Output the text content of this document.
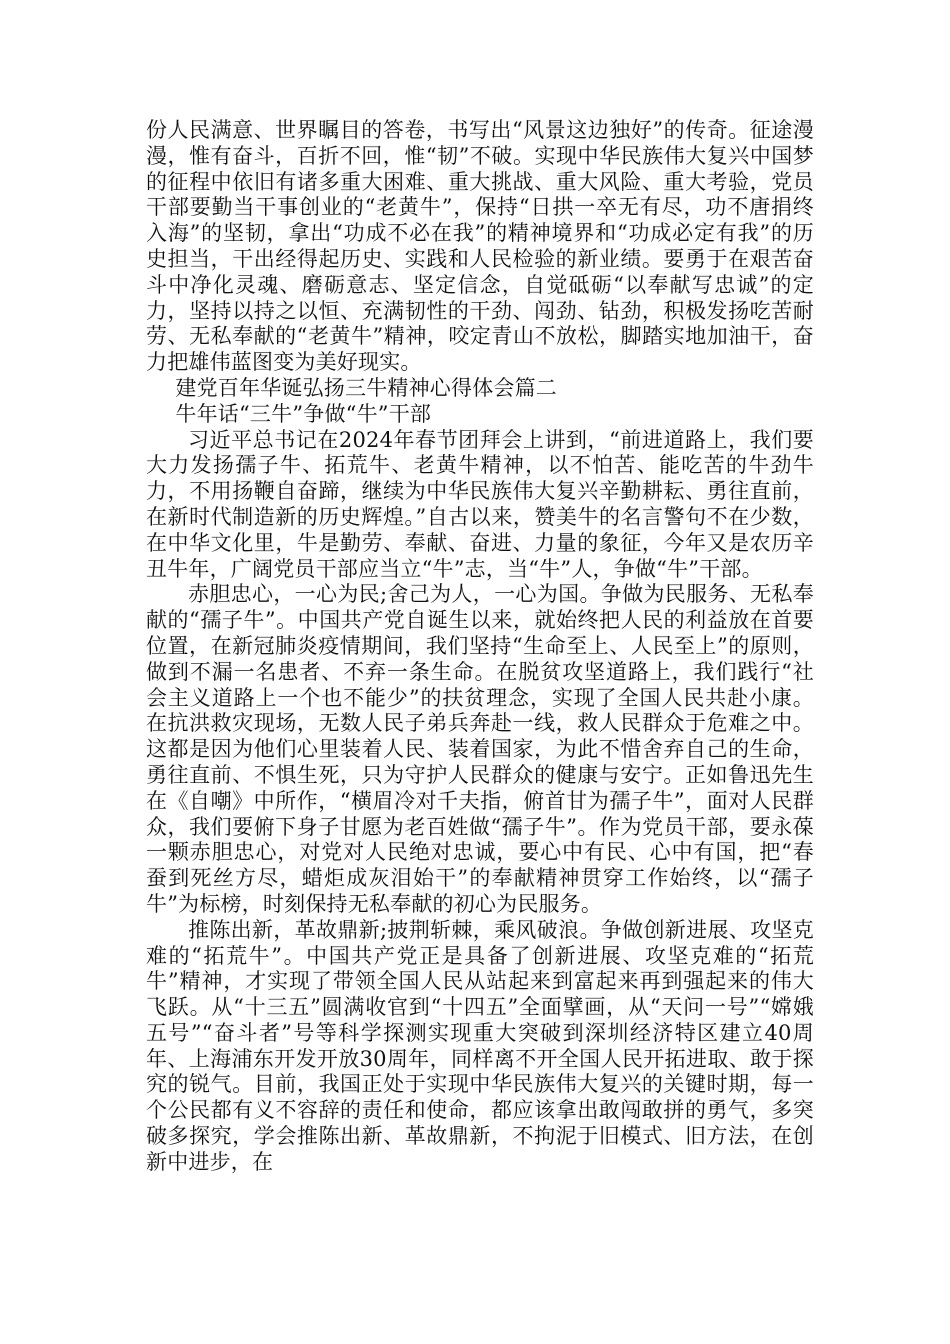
份人民满意、世界瞩目的答卷，书写出“风景这边独好”的传奇。征途漫漫，惟有奋斗，百折不回，惟“韧”不破。实现中华民族伟大复兴中国梦的征程中依旧有诸多重大困难、重大挑战、重大风险、重大考验，党员干部要勤当干事创业的“老黄牛”，保持“日拱一卒无有尽，功不唐捐终入海”的坚韧，拿出“功成不必在我”的精神境界和“功成必定有我”的历史担当，干出经得起历史、实践和人民检验的新业绩。要勇于在艰苦奋斗中净化灵魂、磨砺意志、坚定信念，自觉砥砺“以奉献写忠诚”的定力，坚持以持之以恒、充满韧性的干劲、闯劲、钻劲，积极发扬吃苦耐劳、无私奉献的“老黄牛”精神，咬定青山不放松，脚踏实地加油干，奋力把雄伟蓝图变为美好现实。

建党百年华诞弘扬三牛精神心得体会篇二

牛年话“三牛”争做“牛”干部

习近平总书记在2024年春节团拜会上讲到，“前进道路上，我们要大力发扬孺子牛、拓荒牛、老黄牛精神，以不怕苦、能吃苦的牛劲牛力，不用扬鞭自奋蹄，继续为中华民族伟大复兴辛勤耕耘、勇往直前，在新时代制造新的历史辉煌。”自古以来，赞美牛的名言警句不在少数，在中华文化里，牛是勤劳、奉献、奋进、力量的象征，今年又是农历辛丑牛年，广阔党员干部应当立“牛”志，当“牛”人，争做“牛”干部。

赤胆忠心，一心为民;舍己为人，一心为国。争做为民服务、无私奉献的“孺子牛”。中国共产党自诞生以来，就始终把人民的利益放在首要位置，在新冠肺炎疫情期间，我们坚持“生命至上、人民至上”的原则，做到不漏一名患者、不弃一条生命。在脱贫攻坚道路上，我们践行“社会主义道路上一个也不能少”的扶贫理念，实现了全国人民共赴小康。在抗洪救灾现场，无数人民子弟兵奔赴一线，救人民群众于危难之中。这都是因为他们心里装着人民、装着国家，为此不惜舍弃自己的生命，勇往直前、不惧生死，只为守护人民群众的健康与安宁。正如鲁迅先生在《自嘲》中所作，“横眉冷对千夫指，俯首甘为孺子牛”，面对人民群众，我们要俯下身子甘愿为老百姓做“孺子牛”。作为党员干部，要永葆一颗赤胆忠心，对党对人民绝对忠诚，要心中有民、心中有国，把“春蚕到死丝方尽，蜡炬成灰泪始干”的奉献精神贯穿工作始终，以“孺子牛”为标榜，时刻保持无私奉献的初心为民服务。

推陈出新，革故鼎新;披荆斩棘，乘风破浪。争做创新进展、攻坚克难的“拓荒牛”。中国共产党正是具备了创新进展、攻坚克难的“拓荒牛”精神，才实现了带领全国人民从站起来到富起来再到强起来的伟大飞跃。从“十三五”圆满收官到“十四五”全面擘画，从“天问一号”“嫦娥五号”“奋斗者”号等科学探测实现重大突破到深圳经济特区建立40周年、上海浦东开发开放30周年，同样离不开全国人民开拓进取、敢于探究的锐气。目前，我国正处于实现中华民族伟大复兴的关键时期，每一个公民都有义不容辞的责任和使命，都应该拿出敢闯敢拼的勇气，多突破多探究，学会推陈出新、革故鼎新，不拘泥于旧模式、旧方法，在创新中进步，在
